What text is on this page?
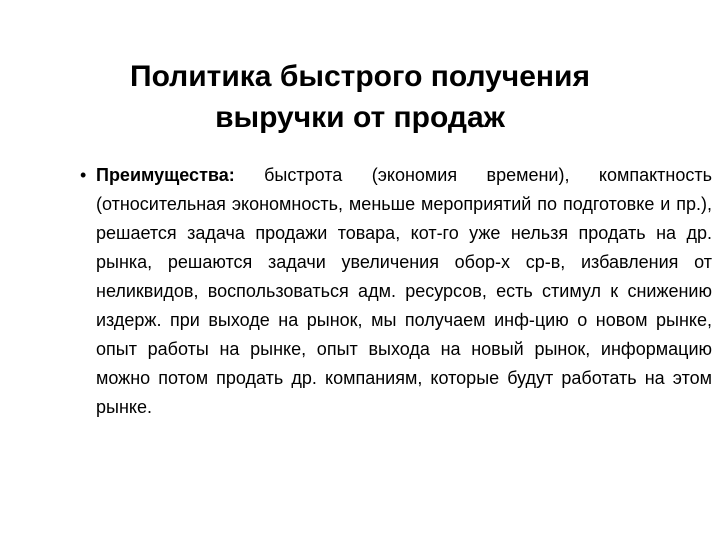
Политика быстрого получения
выручки от продаж
• Преимущества: быстрота (экономия времени), компактность (относительная экономность, меньше мероприятий по подготовке и пр.), решается задача продажи товара, кот-го уже нельзя продать на др. рынка, решаются задачи увеличения обор-х ср-в, избавления от неликвидов, воспользоваться адм. ресурсов, есть стимул к снижению издерж. при выходе на рынок, мы получаем инф-цию о новом рынке, опыт работы на рынке, опыт выхода на новый рынок, информацию можно потом продать др. компаниям, которые будут работать на этом рынке.
